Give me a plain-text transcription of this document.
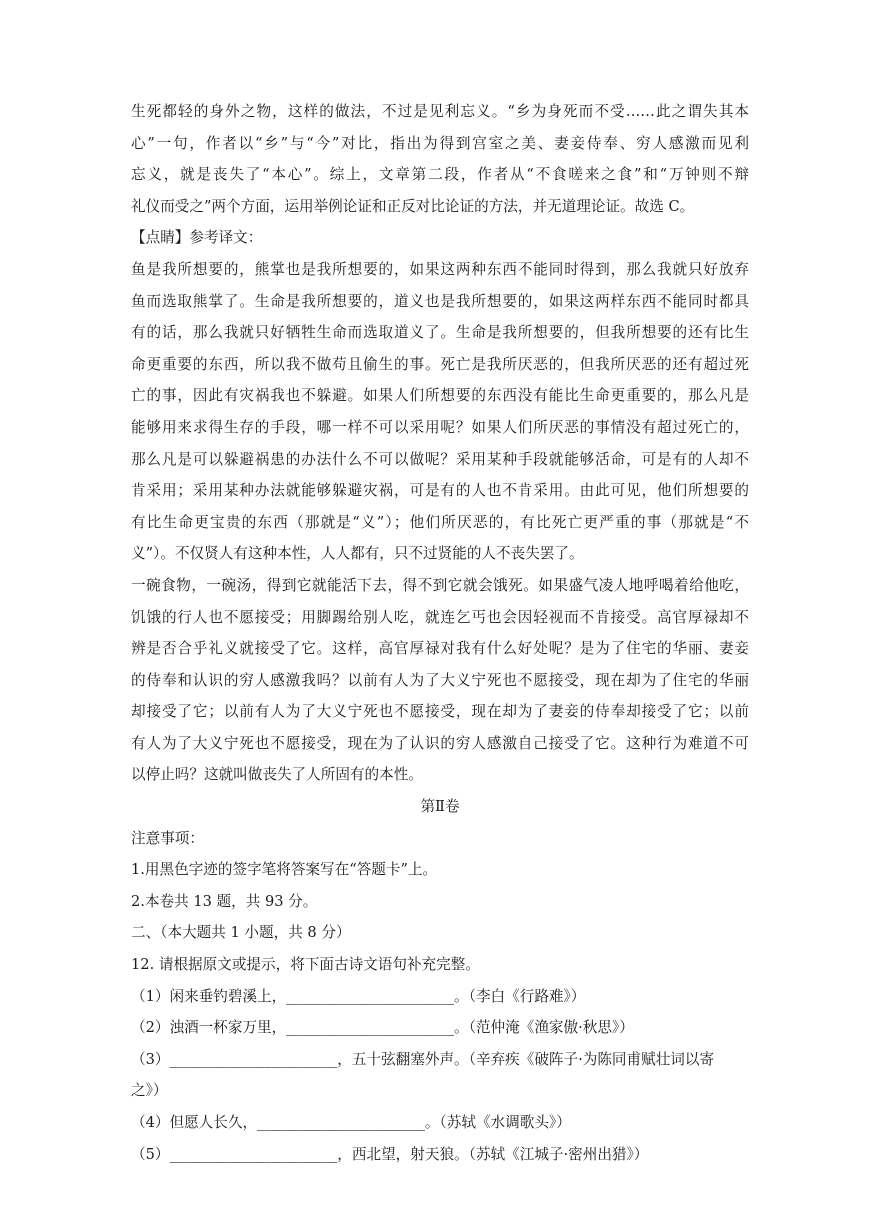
生死都轻的身外之物，这样的做法，不过是见利忘义。“乡为身死而不受……此之谓失其本
心”一句，作者以“乡”与“今”对比，指出为得到宫室之美、妻妾侍奉、穷人感激而见利
忘义，就是丧失了“本心”。综上，文章第二段，作者从“不食嗟来之食”和“万钟则不辩
礼仪而受之”两个方面，运用举例论证和正反对比论证的方法，并无道理论证。故选 C。
【点睛】参考译文：
鱼是我所想要的，熊掌也是我所想要的，如果这两种东西不能同时得到，那么我就只好放弃
鱼而选取熊掌了。生命是我所想要的，道义也是我所想要的，如果这两样东西不能同时都具
有的话，那么我就只好牺牲生命而选取道义了。生命是我所想要的，但我所想要的还有比生
命更重要的东西，所以我不做苟且偷生的事。死亡是我所厌恶的，但我所厌恶的还有超过死
亡的事，因此有灾祸我也不躲避。如果人们所想要的东西没有能比生命更重要的，那么凡是
能够用来求得生存的手段，哪一样不可以采用呢？如果人们所厌恶的事情没有超过死亡的，
那么凡是可以躲避祸患的办法什么不可以做呢？采用某种手段就能够活命，可是有的人却不
肯采用；采用某种办法就能够躲避灾祸，可是有的人也不肯采用。由此可见，他们所想要的
有比生命更宝贵的东西（那就是“义”）；他们所厌恶的，有比死亡更严重的事（那就是“不
义”）。不仅贤人有这种本性，人人都有，只不过贤能的人不丧失罢了。
一碗食物，一碗汤，得到它就能活下去，得不到它就会饿死。如果盛气凌人地呼喝着给他吃，
饥饿的行人也不愿接受；用脚踢给别人吃，就连乞丐也会因轻视而不肯接受。高官厚禄却不
辨是否合乎礼义就接受了它。这样，高官厚禄对我有什么好处呢？是为了住宅的华丽、妻妾
的侍奉和认识的穷人感激我吗？以前有人为了大义宁死也不愿接受，现在却为了住宅的华丽
却接受了它；以前有人为了大义宁死也不愿接受，现在却为了妻妾的侍奉却接受了它；以前
有人为了大义宁死也不愿接受，现在为了认识的穷人感激自己接受了它。这种行为难道不可
以停止吗？这就叫做丧失了人所固有的本性。
第Ⅱ卷
注意事项：
1.用黑色字迹的签字笔将答案写在“答题卡”上。
2.本卷共 13 题，共 93 分。
二、（本大题共 1 小题，共 8 分）
12. 请根据原文或提示，将下面古诗文语句补充完整。
（1）闲来垂钓碧溪上，_______________________。（李白《行路难》）
（2）浊酒一杯家万里，_______________________。（范仲淹《渔家傲·秋思》）
（3）_______________________，五十弦翻塞外声。（辛弃疾《破阵子·为陈同甫赋壮词以寄
之》）
（4）但愿人长久，_______________________。（苏轼《水调歌头》）
（5）_______________________，西北望，射天狼。（苏轼《江城子·密州出猎》）
